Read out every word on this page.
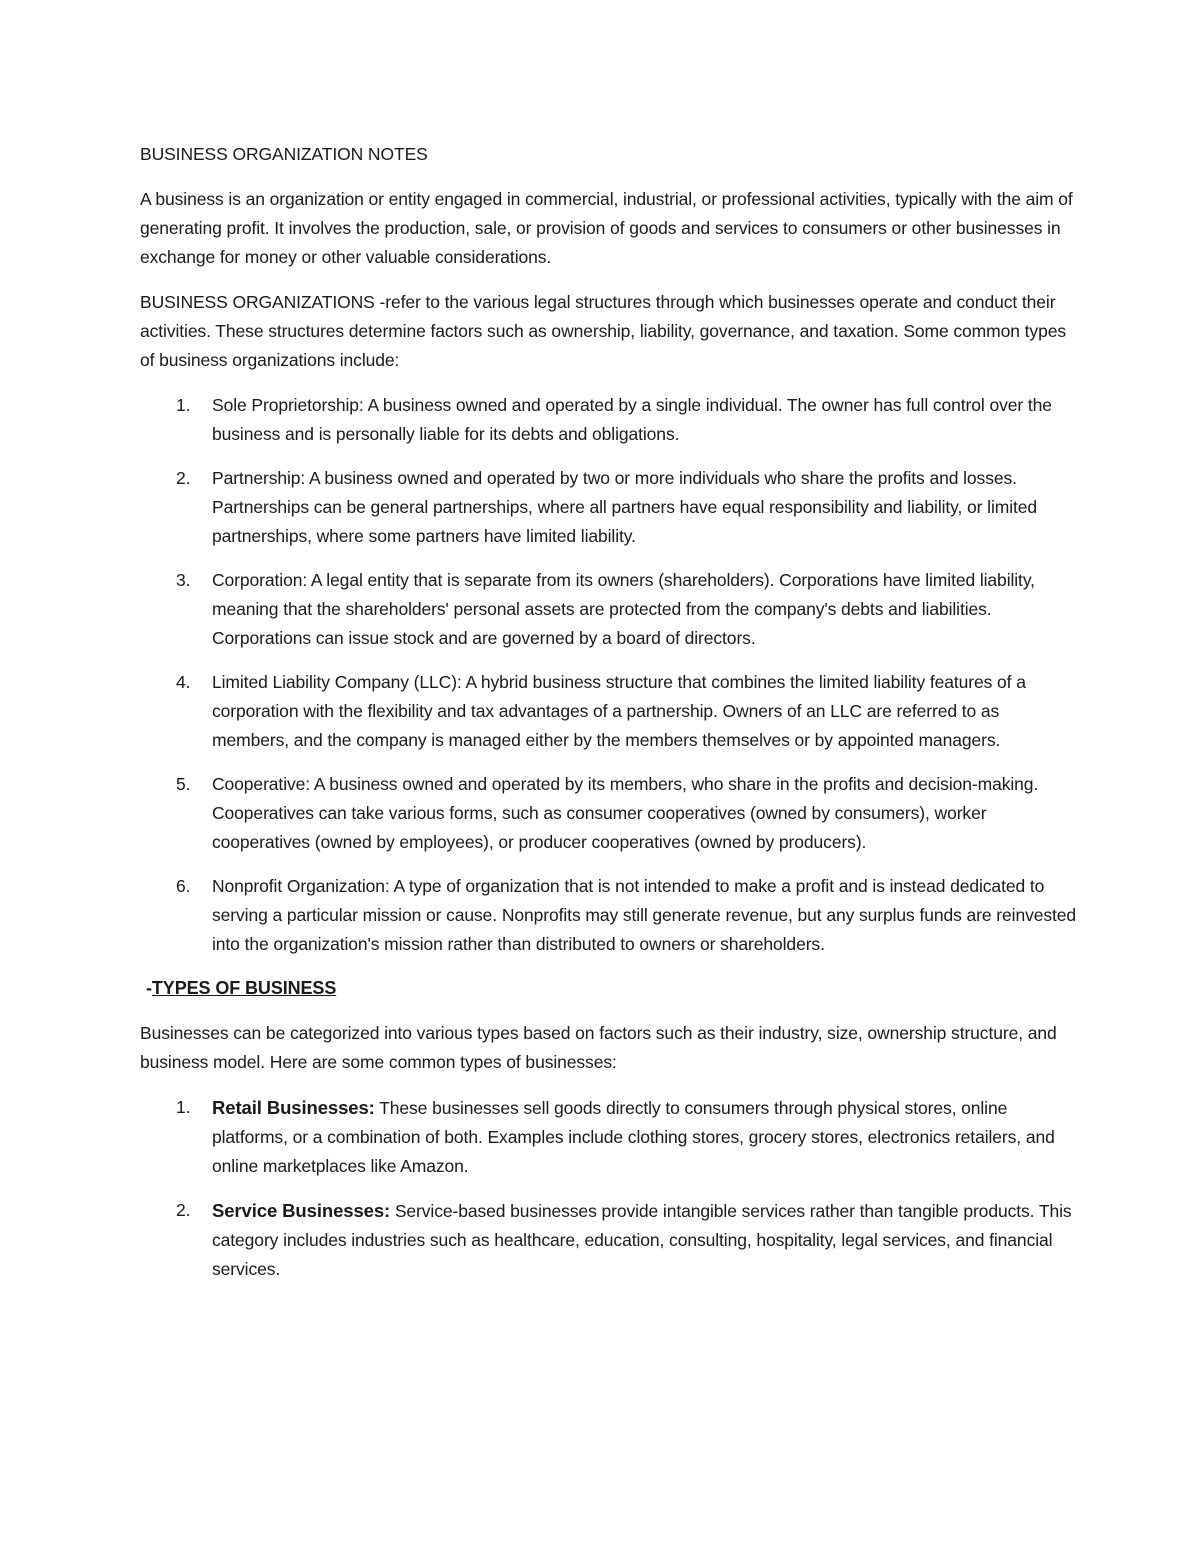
BUSINESS ORGANIZATION NOTES

A business is an organization or entity engaged in commercial, industrial, or professional activities, typically with the aim of generating profit. It involves the production, sale, or provision of goods and services to consumers or other businesses in exchange for money or other valuable considerations.

BUSINESS ORGANIZATIONS -refer to the various legal structures through which businesses operate and conduct their activities. These structures determine factors such as ownership, liability, governance, and taxation. Some common types of business organizations include:

1. Sole Proprietorship: A business owned and operated by a single individual. The owner has full control over the business and is personally liable for its debts and obligations.
2. Partnership: A business owned and operated by two or more individuals who share the profits and losses. Partnerships can be general partnerships, where all partners have equal responsibility and liability, or limited partnerships, where some partners have limited liability.
3. Corporation: A legal entity that is separate from its owners (shareholders). Corporations have limited liability, meaning that the shareholders' personal assets are protected from the company's debts and liabilities. Corporations can issue stock and are governed by a board of directors.
4. Limited Liability Company (LLC): A hybrid business structure that combines the limited liability features of a corporation with the flexibility and tax advantages of a partnership. Owners of an LLC are referred to as members, and the company is managed either by the members themselves or by appointed managers.
5. Cooperative: A business owned and operated by its members, who share in the profits and decision-making. Cooperatives can take various forms, such as consumer cooperatives (owned by consumers), worker cooperatives (owned by employees), or producer cooperatives (owned by producers).
6. Nonprofit Organization: A type of organization that is not intended to make a profit and is instead dedicated to serving a particular mission or cause. Nonprofits may still generate revenue, but any surplus funds are reinvested into the organization's mission rather than distributed to owners or shareholders.

-TYPES OF BUSINESS

Businesses can be categorized into various types based on factors such as their industry, size, ownership structure, and business model. Here are some common types of businesses:

1. Retail Businesses: These businesses sell goods directly to consumers through physical stores, online platforms, or a combination of both. Examples include clothing stores, grocery stores, electronics retailers, and online marketplaces like Amazon.
2. Service Businesses: Service-based businesses provide intangible services rather than tangible products. This category includes industries such as healthcare, education, consulting, hospitality, legal services, and financial services.
